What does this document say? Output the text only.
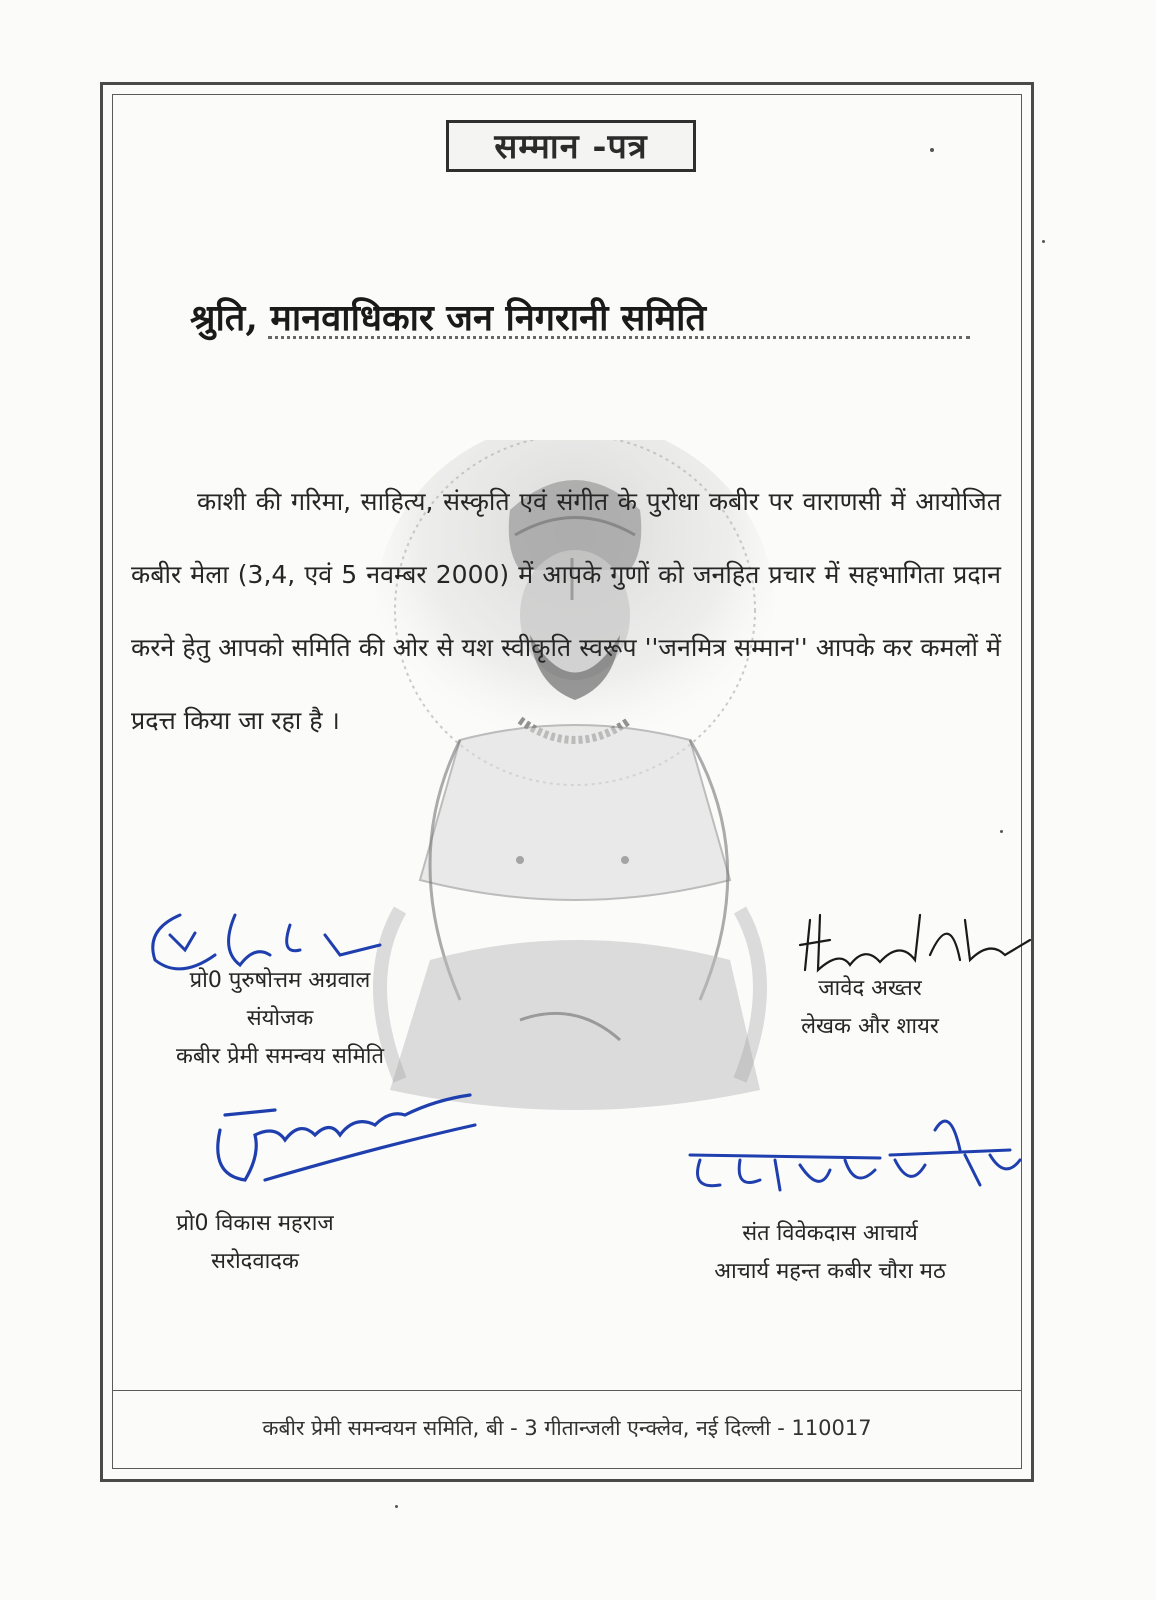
सम्मान -पत्र
श्रुति, मानवाधिकार जन निगरानी समिति

काशी की गरिमा, साहित्य, संस्कृति एवं संगीत के पुरोधा कबीर पर वाराणसी में आयोजित कबीर मेला (3,4, एवं 5 नवम्बर 2000) में आपके गुणों को जनहित प्रचार में सहभागिता प्रदान करने हेतु आपको समिति की ओर से यश स्वीकृति स्वरूप ''जनमित्र सम्मान'' आपके कर कमलों में प्रदत्त किया जा रहा है ।

प्रो0 पुरुषोत्तम अग्रवाल
संयोजक
कबीर प्रेमी समन्वय समिति
जावेद अख्तर
लेखक और शायर
प्रो0 विकास महराज
सरोदवादक
संत विवेकदास आचार्य
आचार्य महन्त कबीर चौरा मठ
कबीर प्रेमी समन्वयन समिति, बी - 3 गीतान्जली एन्क्लेव, नई दिल्ली - 110017
